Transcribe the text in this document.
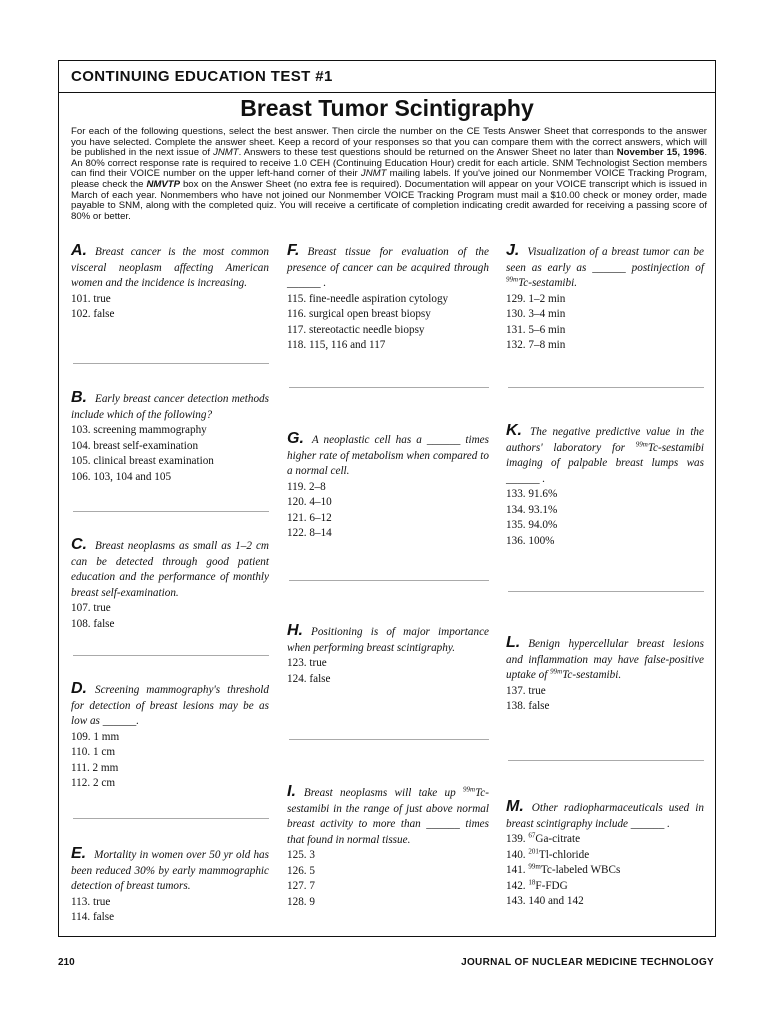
CONTINUING EDUCATION TEST #1
Breast Tumor Scintigraphy
For each of the following questions, select the best answer. Then circle the number on the CE Tests Answer Sheet that corresponds to the answer you have selected. Complete the answer sheet. Keep a record of your responses so that you can compare them with the correct answers, which will be published in the next issue of JNMT. Answers to these test questions should be returned on the Answer Sheet no later than November 15, 1996. An 80% correct response rate is required to receive 1.0 CEH (Continuing Education Hour) credit for each article. SNM Technologist Section members can find their VOICE number on the upper left-hand corner of their JNMT mailing labels. If you've joined our Nonmember VOICE Tracking Program, please check the NMVTP box on the Answer Sheet (no extra fee is required). Documentation will appear on your VOICE transcript which is issued in March of each year. Nonmembers who have not joined our Nonmember VOICE Tracking Program must mail a $10.00 check or money order, made payable to SNM, along with the completed quiz. You will receive a certificate of completion indicating credit awarded for receiving a passing score of 80% or better.
A. Breast cancer is the most common visceral neoplasm affecting American women and the incidence is increasing.
101. true
102. false
B. Early breast cancer detection methods include which of the following?
103. screening mammography
104. breast self-examination
105. clinical breast examination
106. 103, 104 and 105
C. Breast neoplasms as small as 1–2 cm can be detected through good patient education and the performance of monthly breast self-examination.
107. true
108. false
D. Screening mammography's threshold for detection of breast lesions may be as low as ______.
109. 1 mm
110. 1 cm
111. 2 mm
112. 2 cm
E. Mortality in women over 50 yr old has been reduced 30% by early mammographic detection of breast tumors.
113. true
114. false
F. Breast tissue for evaluation of the presence of cancer can be acquired through ______ .
115. fine-needle aspiration cytology
116. surgical open breast biopsy
117. stereotactic needle biopsy
118. 115, 116 and 117
G. A neoplastic cell has a ______ times higher rate of metabolism when compared to a normal cell.
119. 2–8
120. 4–10
121. 6–12
122. 8–14
H. Positioning is of major importance when performing breast scintigraphy.
123. true
124. false
I. Breast neoplasms will take up $^{99m}$Tc-sestamibi in the range of just above normal breast activity to more than ______ times that found in normal tissue.
125. 3
126. 5
127. 7
128. 9
J. Visualization of a breast tumor can be seen as early as ______ postinjection of $^{99m}$Tc-sestamibi.
129. 1–2 min
130. 3–4 min
131. 5–6 min
132. 7–8 min
K. The negative predictive value in the authors' laboratory for $^{99m}$Tc-sestamibi imaging of palpable breast lumps was ______ .
133. 91.6%
134. 93.1%
135. 94.0%
136. 100%
L. Benign hypercellular breast lesions and inflammation may have false-positive uptake of $^{99m}$Tc-sestamibi.
137. true
138. false
M. Other radiopharmaceuticals used in breast scintigraphy include ______ .
139. $^{67}$Ga-citrate
140. $^{201}$Tl-chloride
141. $^{99m}$Tc-labeled WBCs
142. $^{18}$F-FDG
143. 140 and 142
210	JOURNAL OF NUCLEAR MEDICINE TECHNOLOGY
